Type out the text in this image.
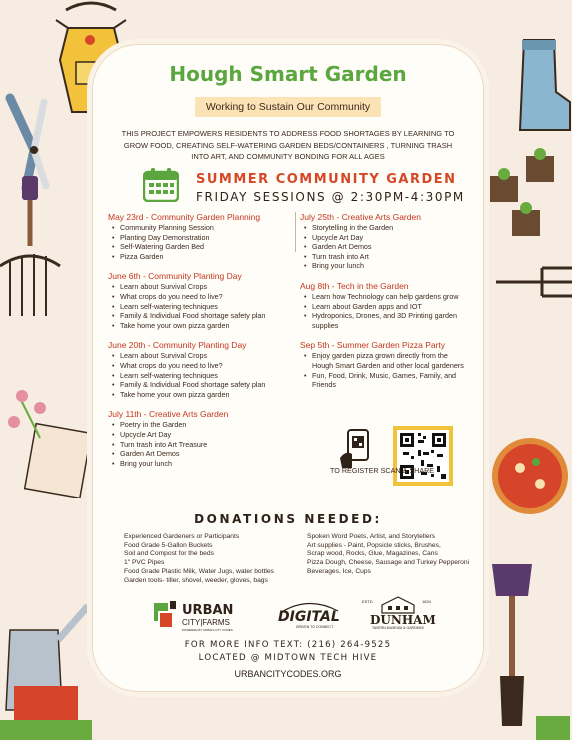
Hough Smart Garden
Working to Sustain Our Community
THIS PROJECT EMPOWERS RESIDENTS TO ADDRESS FOOD SHORTAGES BY LEARNING TO GROW FOOD, CREATING SELF-WATERING GARDEN BEDS/CONTAINERS , TURNING TRASH INTO ART, AND COMMUNITY BONDING FOR ALL AGES
SUMMER COMMUNITY GARDEN
FRIDAY SESSIONS @ 2:30PM-4:30PM
May 23rd - Community Garden Planning
• Community Planning Session
• Planting Day Demonstration
• Self-Watering Garden Bed
• Pizza Garden
June 6th - Community Planting Day
• Learn about Survival Crops
• What crops do you need to live?
• Learn self-watering techniques
• Family & Individual Food shortage safety plan
• Take home your own pizza garden
June 20th - Community Planting Day
• Learn about Survival Crops
• What crops do you need to live?
• Learn self-watering techniques
• Family & Individual Food shortage safety plan
• Take home your own pizza garden
July 11th - Creative Arts Garden
• Poetry in the Garden
• Upcycle Art Day
• Turn trash into Art Treasure
• Garden Art Demos
• Bring your lunch
July 25th - Creative Arts Garden
• Storytelling in the Garden
• Upcycle Art Day
• Garden Art Demos
• Turn trash into Art
• Bring your lunch
Aug 8th - Tech in the Garden
• Learn how Technology can help gardens grow
• Learn about Garden apps and IOT
• Hydroponics, Drones, and 3D Printing garden supplies
Sep 5th - Summer Garden Pizza Party
• Enjoy garden pizza grown directly from the Hough Smart Garden and other local gardeners
• Fun, Food, Drink, Music, Games, Family, and Friends
TO REGISTER SCAN & SHARE
DONATIONS NEEDED:
Experienced Gardeners or Participants
Food Grade 5-Gallon Buckets
Soil and Compost for the beds
1" PVC Pipes
Food Grade Plastic Milk, Water Jugs, water bottles
Garden tools- tiller, shovel, weeder, gloves, bags
Spoken Word Poets, Artist, and Storytellers
Art supplies - Paint, Popsicle sticks, Brushes,
Scrap wood, Rocks, Glue, Magazines, Cans
Pizza Dough, Cheese, Sausage and Turkey Pepperoni
Beverages, Ice, Cups
URBAN
CITY|FARMS
POWERED BY URBAN CITY CODES
DIGITAL
DRIVEN TO CONNECT
ESTD	1824
DUNHAM
TAVERN MUSEUM & GARDENS
FOR MORE INFO TEXT: (216) 264-9525
LOCATED @ MIDTOWN TECH HIVE
URBANCITYCODES.ORG
